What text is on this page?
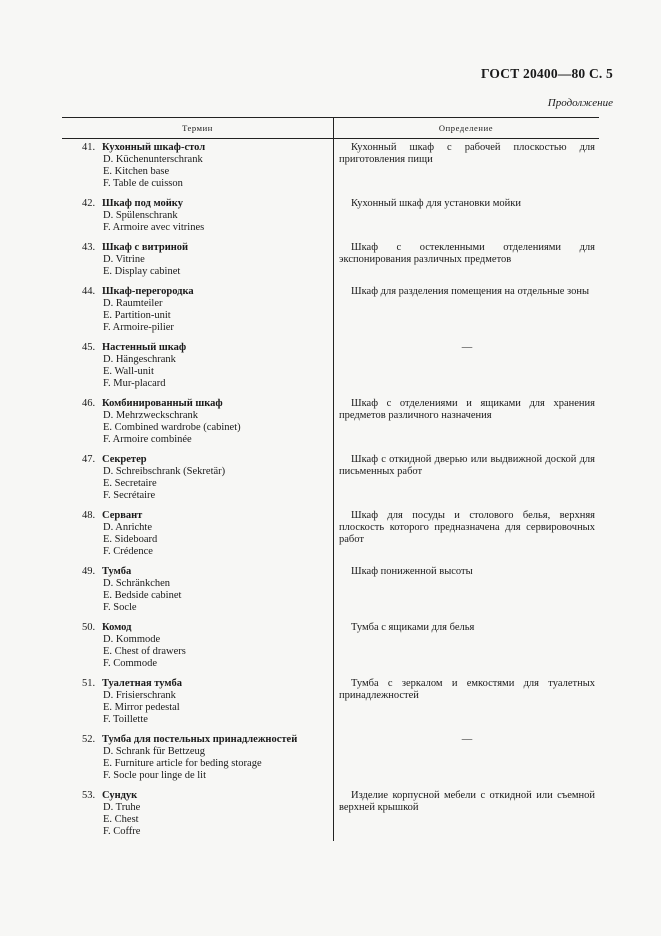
ГОСТ 20400—80 С. 5
Продолжение
Термин	Определение
41. Кухонный шкаф-стол
D. Küchenunterschrank
E. Kitchen base
F. Table de cuisson
Кухонный шкаф с рабочей плоскостью для приготовления пищи
42. Шкаф под мойку
D. Spülenschrank
F. Armoire avec vitrines
Кухонный шкаф для установки мойки
43. Шкаф с витриной
D. Vitrine
E. Display cabinet
Шкаф с остекленными отделениями для экспонирования различных предметов
44. Шкаф-перегородка
D. Raumteiler
E. Partition-unit
F. Armoire-pilier
Шкаф для разделения помещения на отдельные зоны
45. Настенный шкаф
D. Hängeschrank
E. Wall-unit
F. Mur-placard
—
46. Комбинированный шкаф
D. Mehrzweckschrank
E. Combined wardrobe (cabinet)
F. Armoire combinée
Шкаф с отделениями и ящиками для хранения предметов различного назначения
47. Секретер
D. Schreibschrank (Sekretär)
E. Secretaire
F. Secrétaire
Шкаф с откидной дверью или выдвижной доской для письменных работ
48. Сервант
D. Anrichte
E. Sideboard
F. Crédence
Шкаф для посуды и столового белья, верхняя плоскость которого предназначена для сервировочных работ
49. Тумба
D. Schränkchen
E. Bedside cabinet
F. Socle
Шкаф пониженной высоты
50. Комод
D. Kommode
E. Chest of drawers
F. Commode
Тумба с ящиками для белья
51. Туалетная тумба
D. Frisierschrank
E. Mirror pedestal
F. Toillette
Тумба с зеркалом и емкостями для туалетных принадлежностей
52. Тумба для постельных принадлежностей
D. Schrank für Bettzeug
E. Furniture article for beding storage
F. Socle pour linge de lit
—
53. Сундук
D. Truhe
E. Chest
F. Coffre
Изделие корпусной мебели с откидной или съемной верхней крышкой
